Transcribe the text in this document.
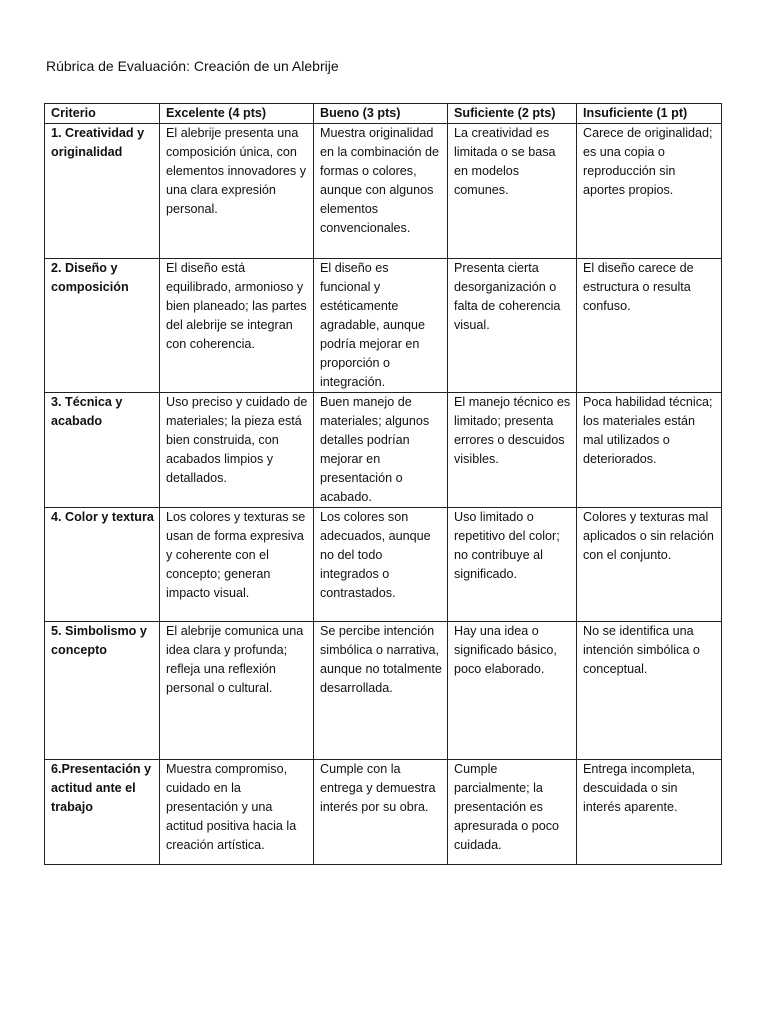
Rúbrica de Evaluación: Creación de un Alebrije
Criterio	Excelente (4 pts)	Bueno (3 pts)	Suficiente (2 pts)	Insuficiente (1 pt)
1. Creatividad y originalidad	El alebrije presenta una composición única, con elementos innovadores y una clara expresión personal.	Muestra originalidad en la combinación de formas o colores, aunque con algunos elementos convencionales.	La creatividad es limitada o se basa en modelos comunes.	Carece de originalidad; es una copia o reproducción sin aportes propios.
2. Diseño y composición	El diseño está equilibrado, armonioso y bien planeado; las partes del alebrije se integran con coherencia.	El diseño es funcional y estéticamente agradable, aunque podría mejorar en proporción o integración.	Presenta cierta desorganización o falta de coherencia visual.	El diseño carece de estructura o resulta confuso.
3. Técnica y acabado	Uso preciso y cuidado de materiales; la pieza está bien construida, con acabados limpios y detallados.	Buen manejo de materiales; algunos detalles podrían mejorar en presentación o acabado.	El manejo técnico es limitado; presenta errores o descuidos visibles.	Poca habilidad técnica; los materiales están mal utilizados o deteriorados.
4. Color y textura	Los colores y texturas se usan de forma expresiva y coherente con el concepto; generan impacto visual.	Los colores son adecuados, aunque no del todo integrados o contrastados.	Uso limitado o repetitivo del color; no contribuye al significado.	Colores y texturas mal aplicados o sin relación con el conjunto.
5. Simbolismo y concepto	El alebrije comunica una idea clara y profunda; refleja una reflexión personal o cultural.	Se percibe intención simbólica o narrativa, aunque no totalmente desarrollada.	Hay una idea o significado básico, poco elaborado.	No se identifica una intención simbólica o conceptual.
6.Presentación y actitud ante el trabajo	Muestra compromiso, cuidado en la presentación y una actitud positiva hacia la creación artística.	Cumple con la entrega y demuestra interés por su obra.	Cumple parcialmente; la presentación es apresurada o poco cuidada.	Entrega incompleta, descuidada o sin interés aparente.
